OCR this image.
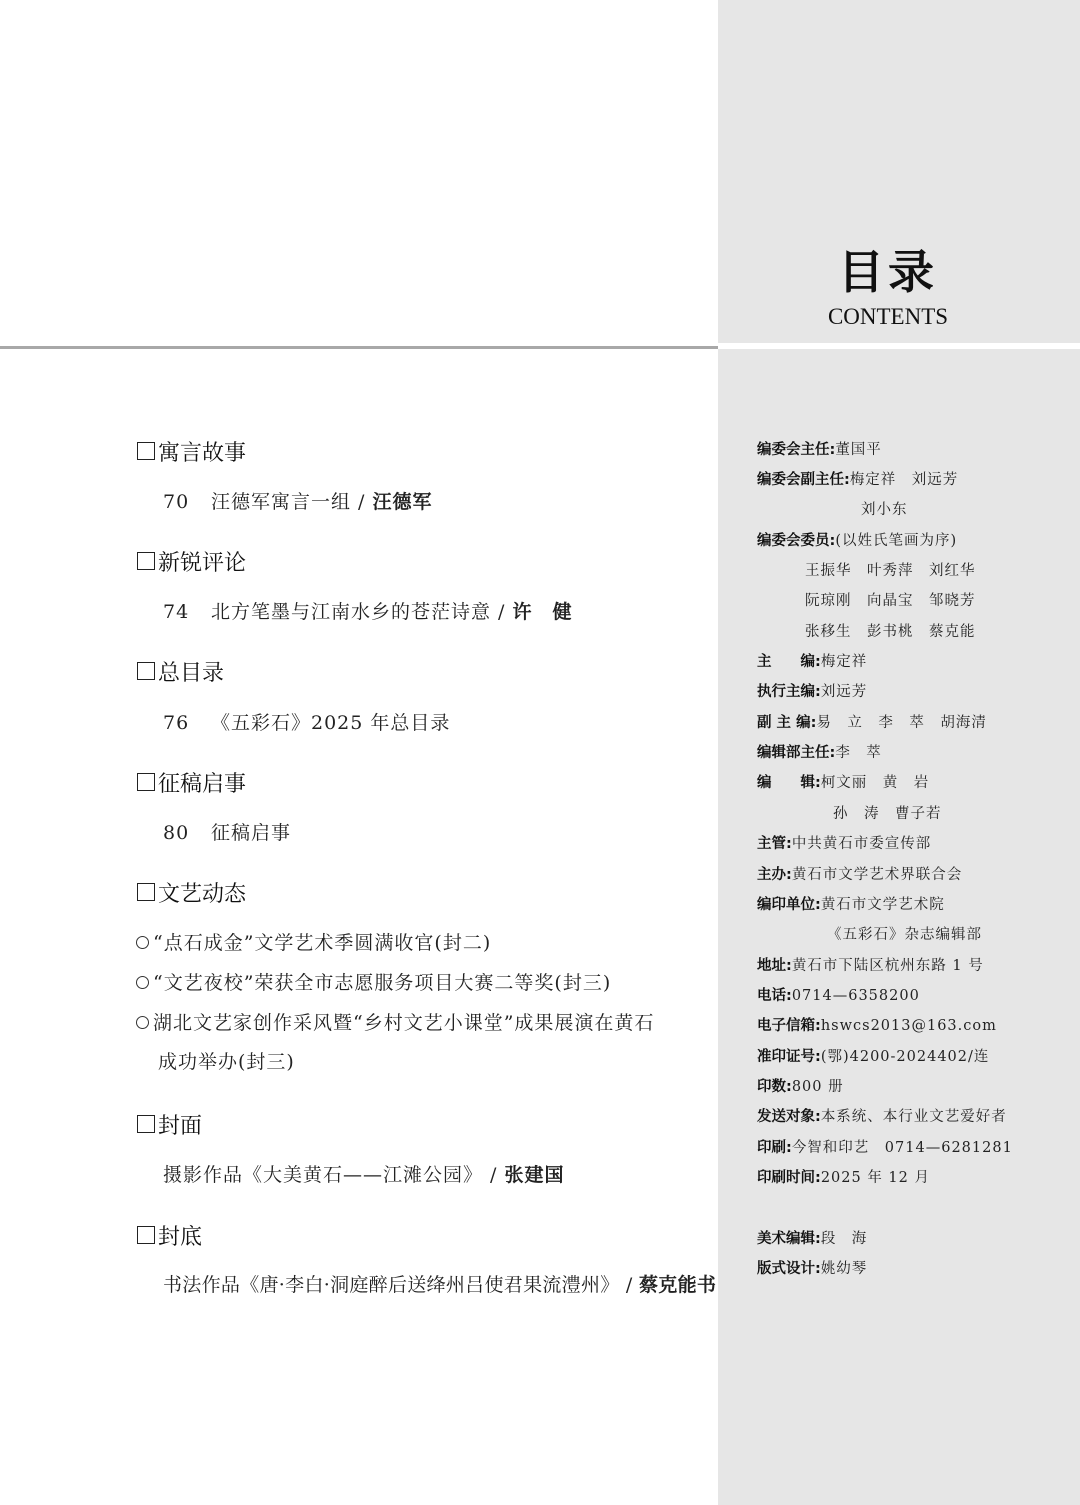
目录
CONTENTS
寓言故事
70 汪德军寓言一组 / 汪德军
新锐评论
74 北方笔墨与江南水乡的苍茫诗意 / 许　健
总目录
76 《五彩石》2025 年总目录
征稿启事
80 征稿启事
文艺动态
“点石成金”文学艺术季圆满收官(封二)
“文艺夜校”荣获全市志愿服务项目大赛二等奖(封三)
湖北文艺家创作采风暨“乡村文艺小课堂”成果展演在黄石
成功举办(封三)
封面
摄影作品《大美黄石——江滩公园》 / 张建国
封底
书法作品《唐·李白·洞庭醉后送绛州吕使君果流澧州》 / 蔡克能书
编委会主任:董国平
编委会副主任:梅定祥　刘远芳
刘小东
编委会委员:(以姓氏笔画为序)
王振华　叶秀萍　刘红华
阮琼刚　向晶宝　邹晓芳
张移生　彭书桃　蔡克能
主　　编:梅定祥
执行主编:刘远芳
副 主 编:易　立　李　萃　胡海清
编辑部主任:李　萃
编　　辑:柯文丽　黄　岩
孙　涛　曹子若
主管:中共黄石市委宣传部
主办:黄石市文学艺术界联合会
编印单位:黄石市文学艺术院
《五彩石》杂志编辑部
地址:黄石市下陆区杭州东路 1 号
电话:0714—6358200
电子信箱:hswcs2013@163.com
准印证号:(鄂)4200-2024402/连
印数:800 册
发送对象:本系统、本行业文艺爱好者
印刷:今智和印艺　0714—6281281
印刷时间:2025 年 12 月
美术编辑:段　海
版式设计:姚幼琴
